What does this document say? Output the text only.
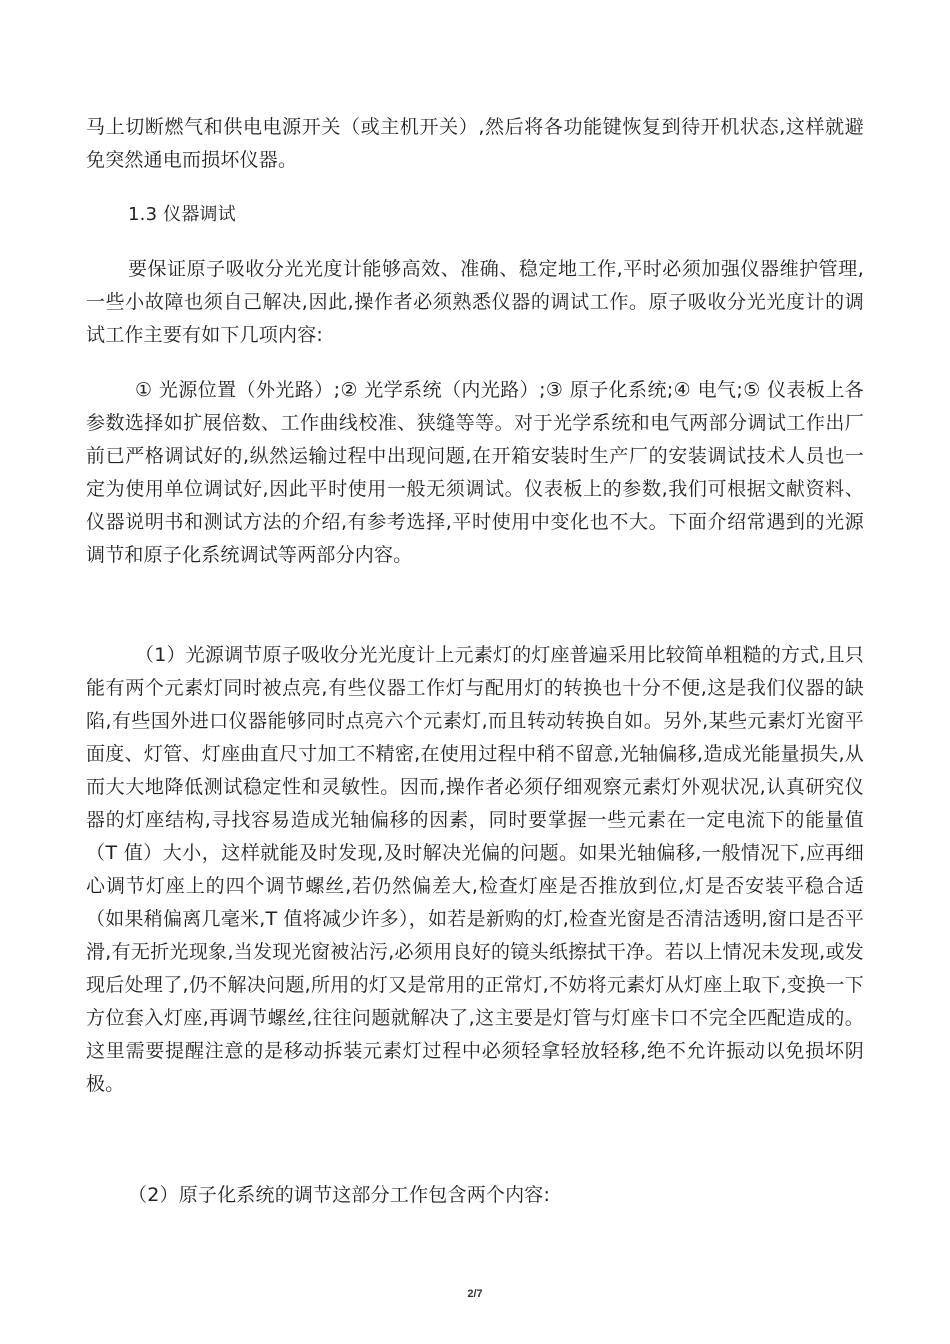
马上切断燃气和供电电源开关（或主机开关）,然后将各功能键恢复到待开机状态,这样就避免突然通电而损坏仪器。
1.3 仪器调试
要保证原子吸收分光光度计能够高效、准确、稳定地工作,平时必须加强仪器维护管理,一些小故障也须自己解决,因此,操作者必须熟悉仪器的调试工作。原子吸收分光光度计的调试工作主要有如下几项内容:
① 光源位置（外光路）;② 光学系统（内光路）;③ 原子化系统;④ 电气;⑤ 仪表板上各参数选择如扩展倍数、工作曲线校准、狭缝等等。对于光学系统和电气两部分调试工作出厂前已严格调试好的,纵然运输过程中出现问题,在开箱安装时生产厂的安装调试技术人员也一定为使用单位调试好,因此平时使用一般无须调试。仪表板上的参数,我们可根据文献资料、仪器说明书和测试方法的介绍,有参考选择,平时使用中变化也不大。下面介绍常遇到的光源调节和原子化系统调试等两部分内容。
（1）光源调节原子吸收分光光度计上元素灯的灯座普遍采用比较简单粗糙的方式,且只能有两个元素灯同时被点亮,有些仪器工作灯与配用灯的转换也十分不便,这是我们仪器的缺陷,有些国外进口仪器能够同时点亮六个元素灯,而且转动转换自如。另外,某些元素灯光窗平面度、灯管、灯座曲直尺寸加工不精密,在使用过程中稍不留意,光轴偏移,造成光能量损失,从而大大地降低测试稳定性和灵敏性。因而,操作者必须仔细观察元素灯外观状况,认真研究仪器的灯座结构,寻找容易造成光轴偏移的因素，同时要掌握一些元素在一定电流下的能量值（T 值）大小，这样就能及时发现,及时解决光偏的问题。如果光轴偏移,一般情况下,应再细心调节灯座上的四个调节螺丝,若仍然偏差大,检查灯座是否推放到位,灯是否安装平稳合适（如果稍偏离几毫米,T 值将减少许多），如若是新购的灯,检查光窗是否清洁透明,窗口是否平滑,有无折光现象,当发现光窗被沾污,必须用良好的镜头纸擦拭干净。若以上情况未发现,或发现后处理了,仍不解决问题,所用的灯又是常用的正常灯,不妨将元素灯从灯座上取下,变换一下方位套入灯座,再调节螺丝,往往问题就解决了,这主要是灯管与灯座卡口不完全匹配造成的。这里需要提醒注意的是移动拆装元素灯过程中必须轻拿轻放轻移,绝不允许振动以免损坏阴极。
（2）原子化系统的调节这部分工作包含两个内容:
2/7
